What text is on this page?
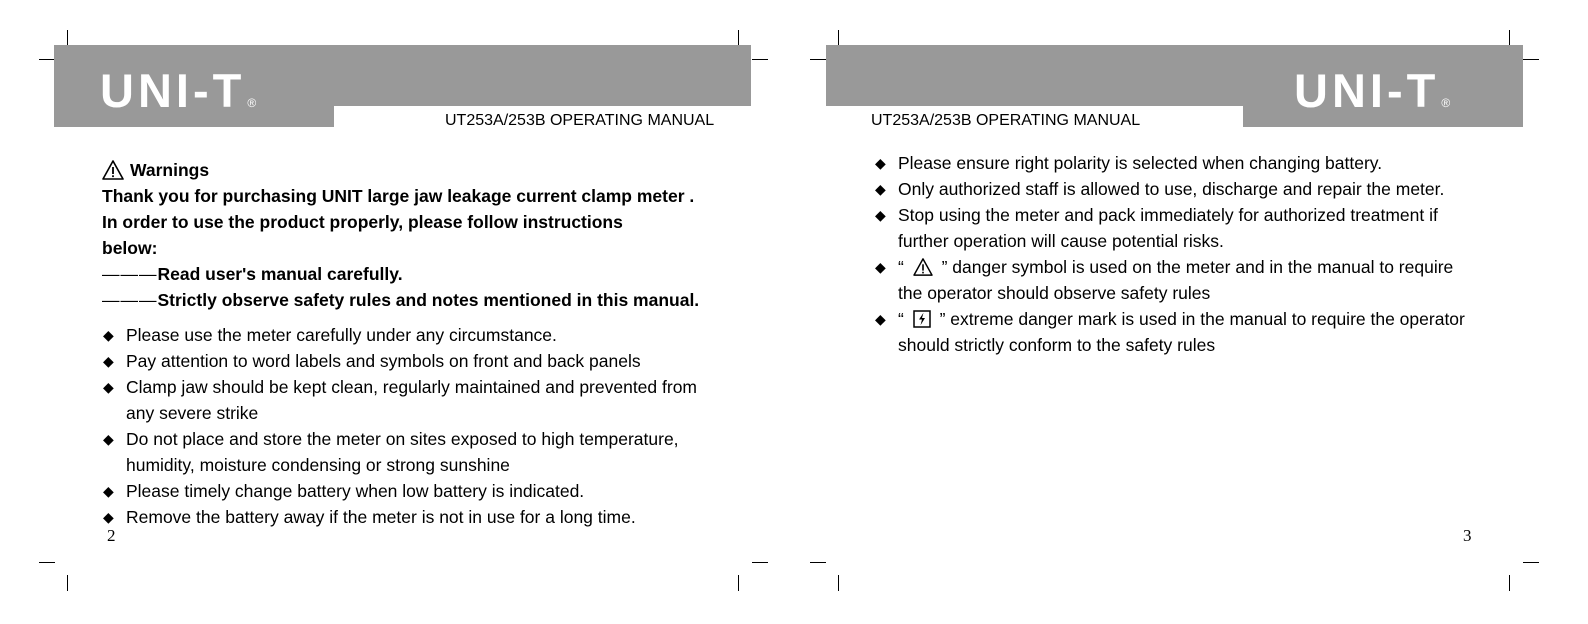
UNI-T ®
UT253A/253B OPERATING MANUAL
Warnings
Thank you for purchasing UNIT large jaw leakage current clamp meter .
In order to use the product properly, please follow instructions
below:
———Read user's manual carefully.
———Strictly observe safety rules and notes mentioned in this manual.
◆ Please use the meter carefully under any circumstance.
◆ Pay attention to word labels and symbols on front and back panels
◆ Clamp jaw should be kept clean, regularly maintained and prevented from any severe strike
◆ Do not place and store the meter on sites exposed to high temperature, humidity, moisture condensing or strong sunshine
◆ Please timely change battery when low battery is indicated.
◆ Remove the battery away if the meter is not in use for a long time.
2
UNI-T ®
UT253A/253B OPERATING MANUAL
◆ Please ensure right polarity is selected when changing battery.
◆ Only authorized staff is allowed to use, discharge and repair the meter.
◆ Stop using the meter and pack immediately for authorized treatment if further operation will cause potential risks.
◆ “ ” danger symbol is used on the meter and in the manual to require the operator should observe safety rules
◆ “ ” extreme danger mark is used in the manual to require the operator should strictly conform to the safety rules
3
